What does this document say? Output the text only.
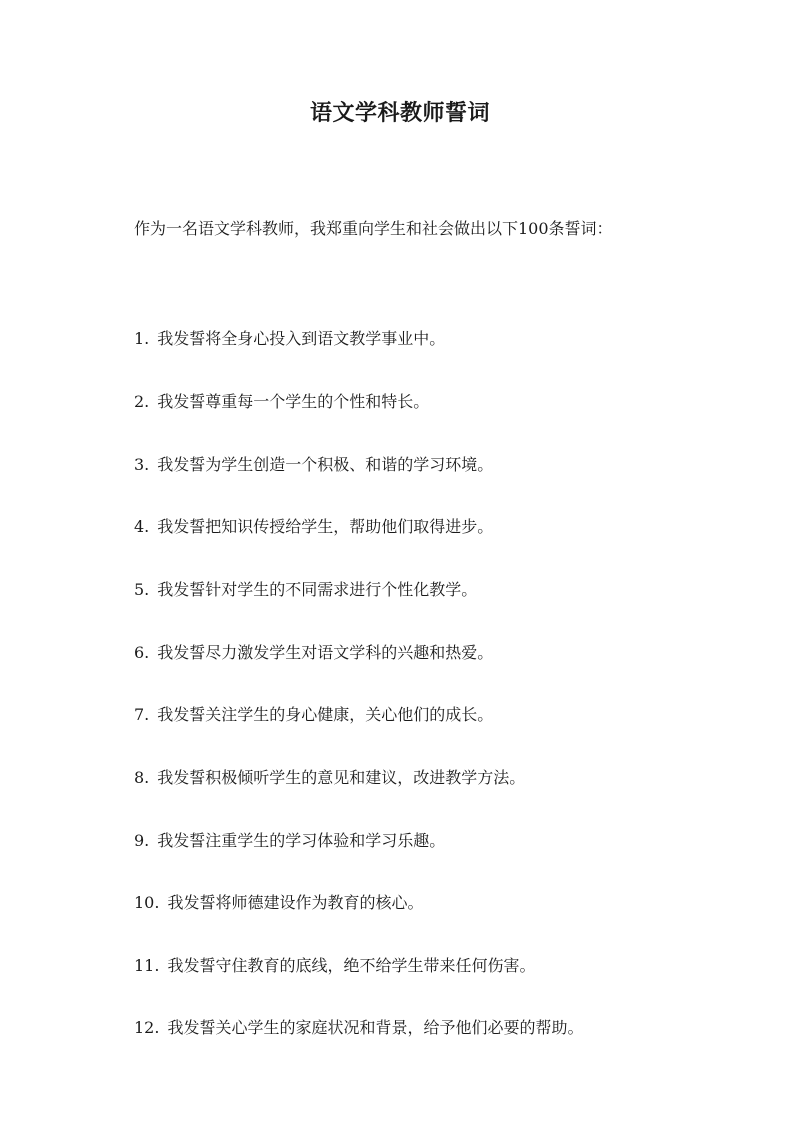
语文学科教师誓词
作为一名语文学科教师，我郑重向学生和社会做出以下100条誓词：
1. 我发誓将全身心投入到语文教学事业中。
2. 我发誓尊重每一个学生的个性和特长。
3. 我发誓为学生创造一个积极、和谐的学习环境。
4. 我发誓把知识传授给学生，帮助他们取得进步。
5. 我发誓针对学生的不同需求进行个性化教学。
6. 我发誓尽力激发学生对语文学科的兴趣和热爱。
7. 我发誓关注学生的身心健康，关心他们的成长。
8. 我发誓积极倾听学生的意见和建议，改进教学方法。
9. 我发誓注重学生的学习体验和学习乐趣。
10. 我发誓将师德建设作为教育的核心。
11. 我发誓守住教育的底线，绝不给学生带来任何伤害。
12. 我发誓关心学生的家庭状况和背景，给予他们必要的帮助。
